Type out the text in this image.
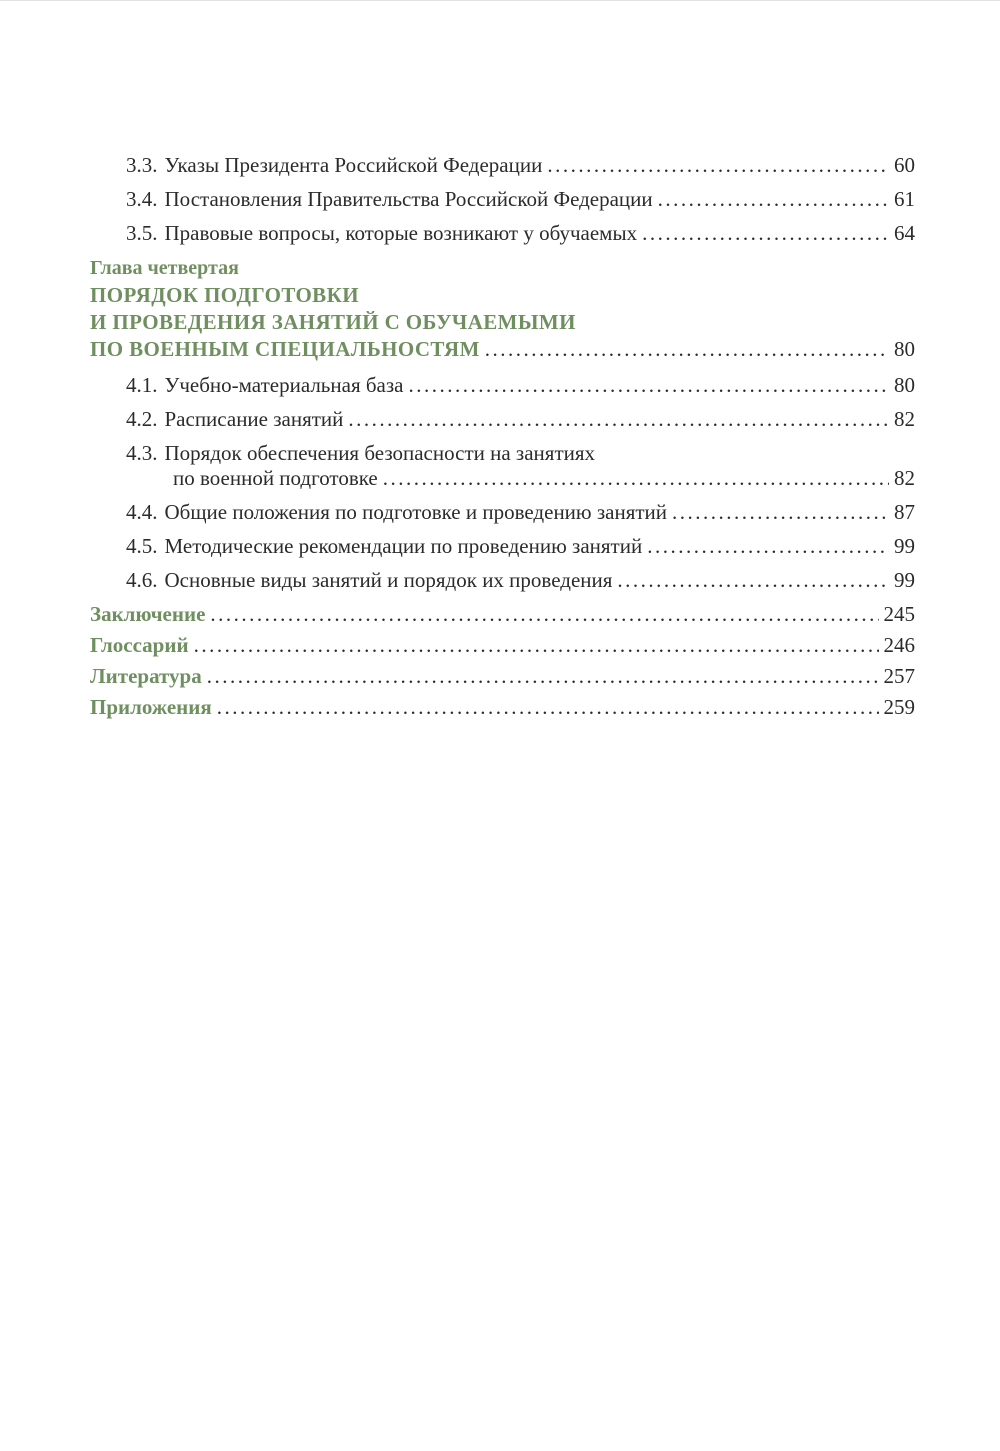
3.3. Указы Президента Российской Федерации .....	60
3.4. Постановления Правительства Российской Федерации .....	61
3.5. Правовые вопросы, которые возникают у обучаемых .....	64
Глава четвертая
ПОРЯДОК ПОДГОТОВКИ
И ПРОВЕДЕНИЯ ЗАНЯТИЙ С ОБУЧАЕМЫМИ
ПО ВОЕННЫМ СПЕЦИАЛЬНОСТЯМ .....	80
4.1. Учебно-материальная база .....	80
4.2. Расписание занятий .....	82
4.3. Порядок обеспечения безопасности на занятиях
по военной подготовке .....	82
4.4. Общие положения по подготовке и проведению занятий .....	87
4.5. Методические рекомендации по проведению занятий .....	99
4.6. Основные виды занятий и порядок их проведения .....	99
Заключение .....	245
Глоссарий .....	246
Литература .....	257
Приложения .....	259
